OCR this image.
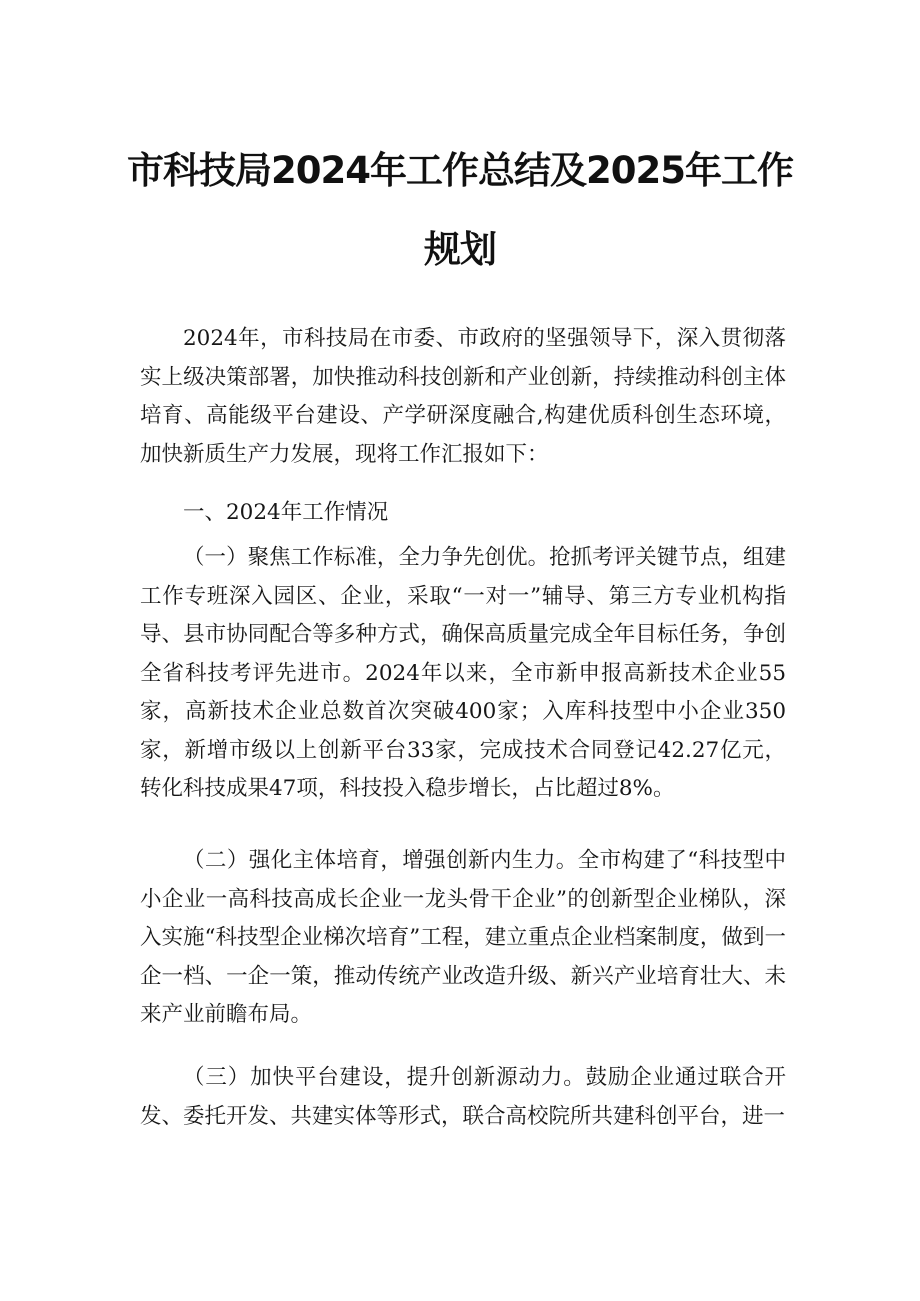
市科技局2024年工作总结及2025年工作
规划

2024年，市科技局在市委、市政府的坚强领导下，深入贯彻落实上级决策部署，加快推动科技创新和产业创新，持续推动科创主体培育、高能级平台建设、产学研深度融合,构建优质科创生态环境，加快新质生产力发展，现将工作汇报如下：

一、2024年工作情况

（一）聚焦工作标准，全力争先创优。抢抓考评关键节点，组建工作专班深入园区、企业，采取“一对一”辅导、第三方专业机构指导、县市协同配合等多种方式，确保高质量完成全年目标任务，争创全省科技考评先进市。2024年以来，全市新申报高新技术企业55家，高新技术企业总数首次突破400家；入库科技型中小企业350家，新增市级以上创新平台33家，完成技术合同登记42.27亿元，转化科技成果47项，科技投入稳步增长，占比超过8%。

（二）强化主体培育，增强创新内生力。全市构建了“科技型中小企业一高科技高成长企业一龙头骨干企业”的创新型企业梯队，深入实施“科技型企业梯次培育”工程，建立重点企业档案制度，做到一企一档、一企一策，推动传统产业改造升级、新兴产业培育壮大、未来产业前瞻布局。

（三）加快平台建设，提升创新源动力。鼓励企业通过联合开发、委托开发、共建实体等形式，联合高校院所共建科创平台，进一
